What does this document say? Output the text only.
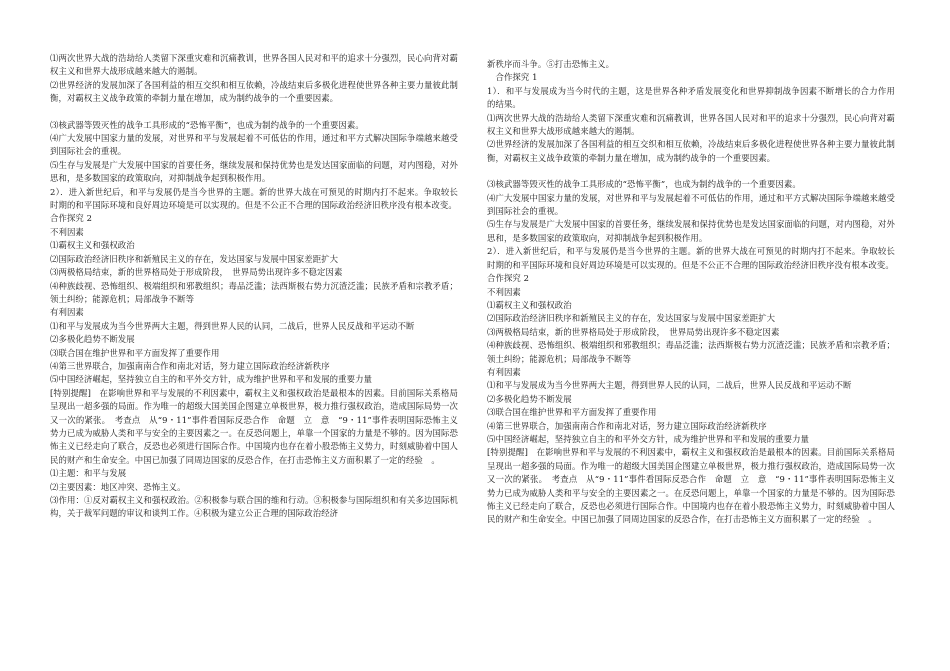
⑴两次世界大战的浩劫给人类留下深重灾难和沉痛教训，世界各国人民对和平的追求十分强烈，民心向背对霸权主义和世界大战形成越来越大的遏制。

⑵世界经济的发展加深了各国利益的相互交织和相互依赖，冷战结束后多极化进程使世界各种主要力量彼此制衡，对霸权主义战争政策的牵制力量在增加，成为制约战争的一个重要因素。

⑶核武器等毁灭性的战争工具形成的“恐怖平衡”，也成为制约战争的一个重要因素。

⑷广大发展中国家力量的发展，对世界和平与发展起着不可低估的作用，通过和平方式解决国际争端越来越受到国际社会的重视。

⑸生存与发展是广大发展中国家的首要任务，继续发展和保持优势也是发达国家面临的问题，对内图稳，对外思和，是多数国家的政策取向，对抑制战争起到积极作用。

2）．进入新世纪后，和平与发展仍是当今世界的主题。新的世界大战在可预见的时期内打不起来。争取较长时期的和平国际环境和良好周边环境是可以实现的。但是不公正不合理的国际政治经济旧秩序没有根本改变。

合作探究 2

不利因素

⑴霸权主义和强权政治

⑵国际政治经济旧秩序和新殖民主义的存在，发达国家与发展中国家差距扩大

⑶两极格局结束，新的世界格局处于形成阶段，　世界局势出现许多不稳定因素

⑷种族歧视、恐怖组织、极端组织和邪教组织；毒品泛滥；法西斯极右势力沉渣泛滥；民族矛盾和宗教矛盾；领土纠纷；能源危机；局部战争不断等

有利因素

⑴和平与发展成为当今世界两大主题，得到世界人民的认同，二战后，世界人民反战和平运动不断

⑵多极化趋势不断发展

⑶联合国在维护世界和平方面发挥了重要作用

⑷第三世界联合，加强南南合作和南北对话，努力建立国际政治经济新秩序

⑸中国经济崛起，坚持独立自主的和平外交方针，成为维护世界和平和发展的重要力量

[特别提醒]　在影响世界和平与发展的不利因素中，霸权主义和强权政治是最根本的因素。目前国际关系格局呈现出一超多强的局面。作为唯一的超级大国美国企图建立单极世界，极力推行强权政治，造成国际局势一次又一次的紧张。　考查点　从“9・11”事件看国际反恐合作　命题　立　意　“9・11”事件表明国际恐怖主义势力已成为威胁人类和平与安全的主要因素之一。在反恐问题上，单靠一个国家的力量是不够的。因为国际恐怖主义已经走向了联合，反恐也必须进行国际合作。中国境内也存在着小股恐怖主义势力，时刻威胁着中国人民的财产和生命安全。中国已加强了同周边国家的反恐合作，在打击恐怖主义方面积累了一定的经验　。

⑴主题：和平与发展

⑵主要因素：地区冲突、恐怖主义。

⑶作用：①反对霸权主义和强权政治。②积极参与联合国的维和行动。③积极参与国际组织和有关多边国际机构，关于裁军问题的审议和谈判工作。④积极为建立公正合理的国际政治经济

新秩序而斗争。⑤打击恐怖主义。

　合作探究 1

1）．和平与发展成为当今时代的主题，这是世界各种矛盾发展变化和世界抑制战争因素不断增长的合力作用的结果。

⑴两次世界大战的浩劫给人类留下深重灾难和沉痛教训，世界各国人民对和平的追求十分强烈，民心向背对霸权主义和世界大战形成越来越大的遏制。

⑵世界经济的发展加深了各国利益的相互交织和相互依赖，冷战结束后多极化进程使世界各种主要力量彼此制衡，对霸权主义战争政策的牵制力量在增加，成为制约战争的一个重要因素。

⑶核武器等毁灭性的战争工具形成的“恐怖平衡”，也成为制约战争的一个重要因素。

⑷广大发展中国家力量的发展，对世界和平与发展起着不可低估的作用，通过和平方式解决国际争端越来越受到国际社会的重视。

⑸生存与发展是广大发展中国家的首要任务，继续发展和保持优势也是发达国家面临的问题，对内图稳，对外思和，是多数国家的政策取向，对抑制战争起到积极作用。

2）．进入新世纪后，和平与发展仍是当今世界的主题。新的世界大战在可预见的时期内打不起来。争取较长时期的和平国际环境和良好周边环境是可以实现的。但是不公正不合理的国际政治经济旧秩序没有根本改变。

合作探究 2

不利因素

⑴霸权主义和强权政治

⑵国际政治经济旧秩序和新殖民主义的存在，发达国家与发展中国家差距扩大

⑶两极格局结束，新的世界格局处于形成阶段，　世界局势出现许多不稳定因素

⑷种族歧视、恐怖组织、极端组织和邪教组织；毒品泛滥；法西斯极右势力沉渣泛滥；民族矛盾和宗教矛盾；领土纠纷；能源危机；局部战争不断等

有利因素

⑴和平与发展成为当今世界两大主题，得到世界人民的认同，二战后，世界人民反战和平运动不断

⑵多极化趋势不断发展

⑶联合国在维护世界和平方面发挥了重要作用

⑷第三世界联合，加强南南合作和南北对话，努力建立国际政治经济新秩序

⑸中国经济崛起，坚持独立自主的和平外交方针，成为维护世界和平和发展的重要力量

[特别提醒]　在影响世界和平与发展的不利因素中，霸权主义和强权政治是最根本的因素。目前国际关系格局呈现出一超多强的局面。作为唯一的超级大国美国企图建立单极世界，极力推行强权政治，造成国际局势一次又一次的紧张。　考查点　从“9・11”事件看国际反恐合作　命题　立　意　“9・11”事件表明国际恐怖主义势力已成为威胁人类和平与安全的主要因素之一。在反恐问题上，单靠一个国家的力量是不够的。因为国际恐怖主义已经走向了联合，反恐也必须进行国际合作。中国境内也存在着小股恐怖主义势力，时刻威胁着中国人民的财产和生命安全。中国已加强了同周边国家的反恐合作，在打击恐怖主义方面积累了一定的经验　。
